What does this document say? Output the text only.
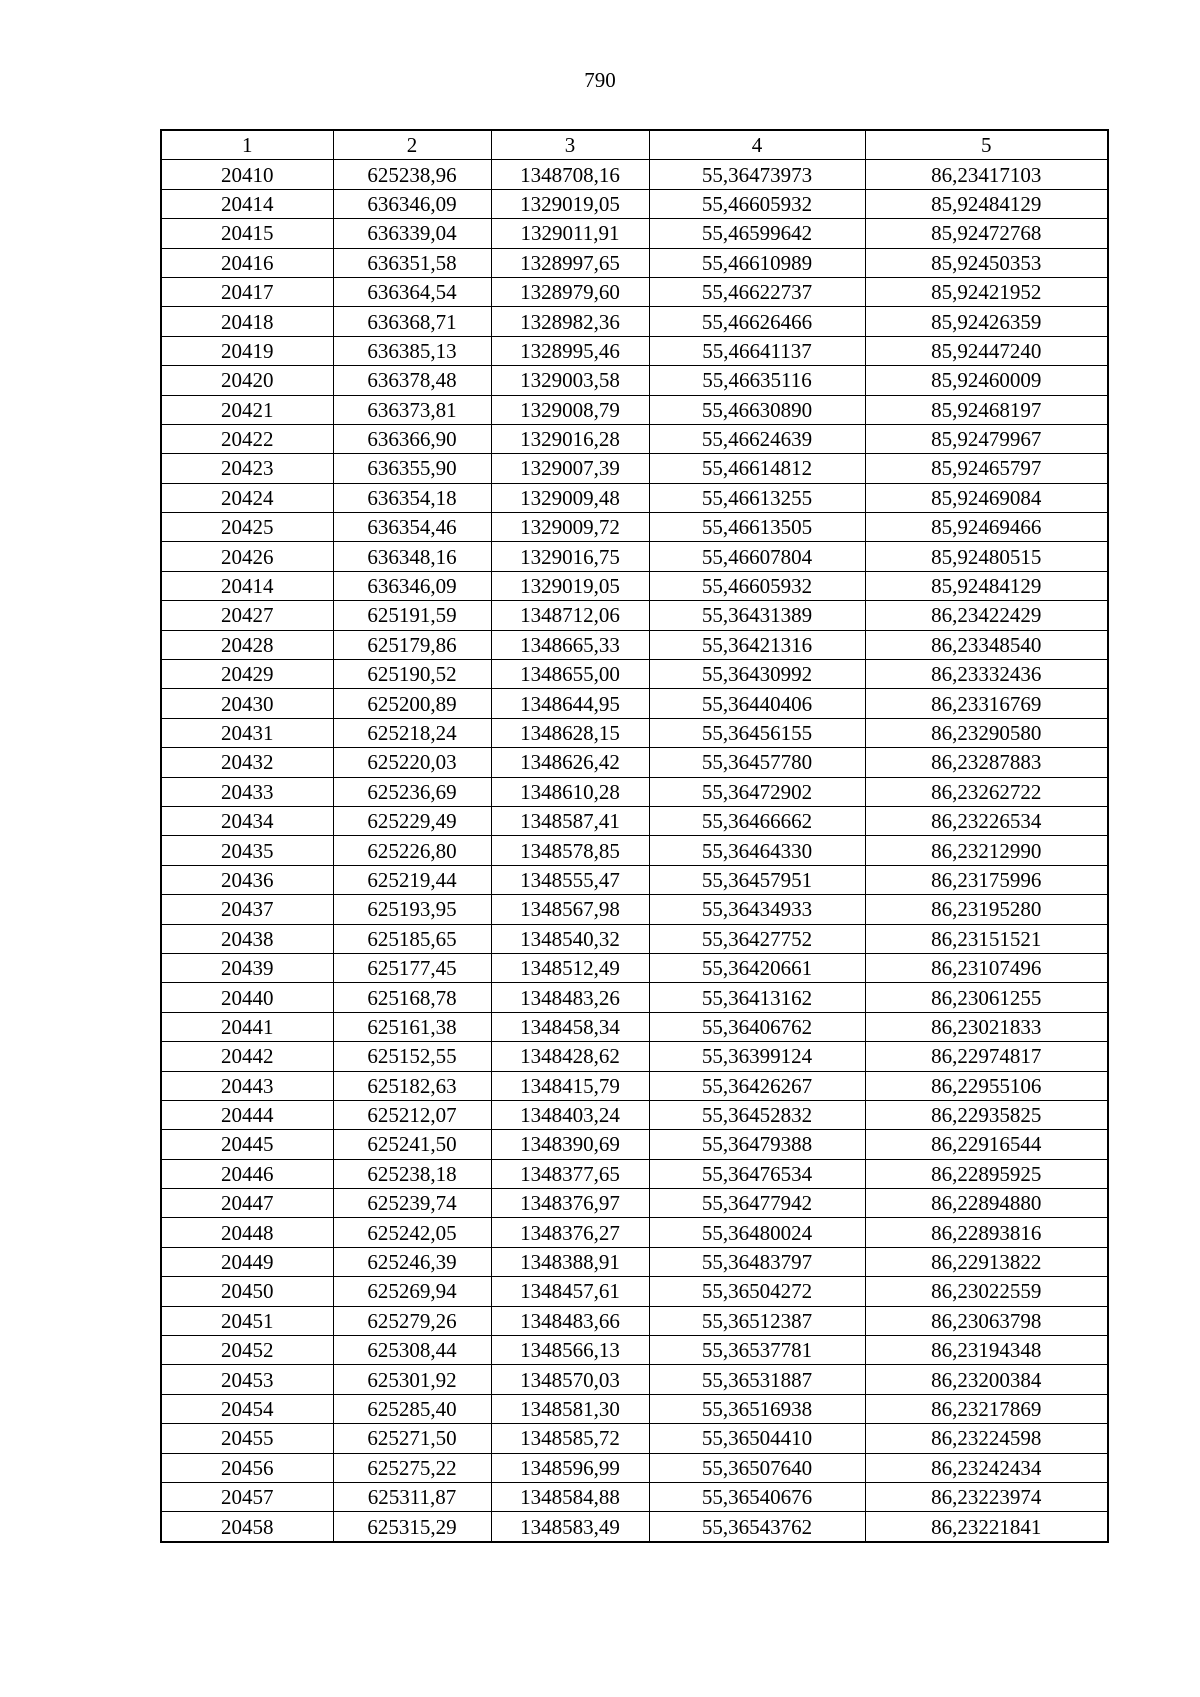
790
1	2	3	4	5
20410	625238,96	1348708,16	55,36473973	86,23417103
20414	636346,09	1329019,05	55,46605932	85,92484129
20415	636339,04	1329011,91	55,46599642	85,92472768
20416	636351,58	1328997,65	55,46610989	85,92450353
20417	636364,54	1328979,60	55,46622737	85,92421952
20418	636368,71	1328982,36	55,46626466	85,92426359
20419	636385,13	1328995,46	55,46641137	85,92447240
20420	636378,48	1329003,58	55,46635116	85,92460009
20421	636373,81	1329008,79	55,46630890	85,92468197
20422	636366,90	1329016,28	55,46624639	85,92479967
20423	636355,90	1329007,39	55,46614812	85,92465797
20424	636354,18	1329009,48	55,46613255	85,92469084
20425	636354,46	1329009,72	55,46613505	85,92469466
20426	636348,16	1329016,75	55,46607804	85,92480515
20414	636346,09	1329019,05	55,46605932	85,92484129
20427	625191,59	1348712,06	55,36431389	86,23422429
20428	625179,86	1348665,33	55,36421316	86,23348540
20429	625190,52	1348655,00	55,36430992	86,23332436
20430	625200,89	1348644,95	55,36440406	86,23316769
20431	625218,24	1348628,15	55,36456155	86,23290580
20432	625220,03	1348626,42	55,36457780	86,23287883
20433	625236,69	1348610,28	55,36472902	86,23262722
20434	625229,49	1348587,41	55,36466662	86,23226534
20435	625226,80	1348578,85	55,36464330	86,23212990
20436	625219,44	1348555,47	55,36457951	86,23175996
20437	625193,95	1348567,98	55,36434933	86,23195280
20438	625185,65	1348540,32	55,36427752	86,23151521
20439	625177,45	1348512,49	55,36420661	86,23107496
20440	625168,78	1348483,26	55,36413162	86,23061255
20441	625161,38	1348458,34	55,36406762	86,23021833
20442	625152,55	1348428,62	55,36399124	86,22974817
20443	625182,63	1348415,79	55,36426267	86,22955106
20444	625212,07	1348403,24	55,36452832	86,22935825
20445	625241,50	1348390,69	55,36479388	86,22916544
20446	625238,18	1348377,65	55,36476534	86,22895925
20447	625239,74	1348376,97	55,36477942	86,22894880
20448	625242,05	1348376,27	55,36480024	86,22893816
20449	625246,39	1348388,91	55,36483797	86,22913822
20450	625269,94	1348457,61	55,36504272	86,23022559
20451	625279,26	1348483,66	55,36512387	86,23063798
20452	625308,44	1348566,13	55,36537781	86,23194348
20453	625301,92	1348570,03	55,36531887	86,23200384
20454	625285,40	1348581,30	55,36516938	86,23217869
20455	625271,50	1348585,72	55,36504410	86,23224598
20456	625275,22	1348596,99	55,36507640	86,23242434
20457	625311,87	1348584,88	55,36540676	86,23223974
20458	625315,29	1348583,49	55,36543762	86,23221841
